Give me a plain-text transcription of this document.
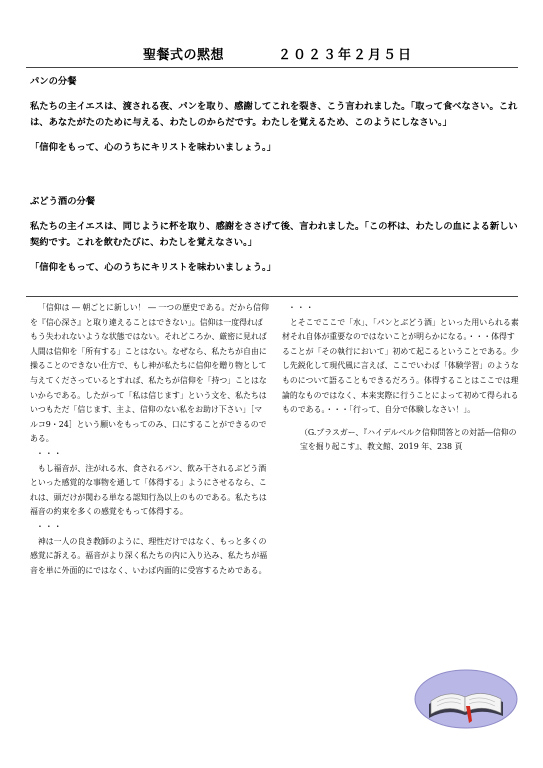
聖餐式の黙想	２０２３年２月５日

パンの分餐

私たちの主イエスは、渡される夜、パンを取り、感謝してこれを裂き、こう言われました。「取って食べなさい。これは、あなたがたのために与える、わたしのからだです。わたしを覚えるため、このようにしなさい。」

「信仰をもって、心のうちにキリストを味わいましょう。」

ぶどう酒の分餐

私たちの主イエスは、同じように杯を取り、感謝をささげて後、言われました。「この杯は、わたしの血による新しい契約です。これを飲むたびに、わたしを覚えなさい。」

「信仰をもって、心のうちにキリストを味わいましょう。」

「信仰は ― 朝ごとに新しい！ ― 一つの歴史である。だから信仰を『信心深さ』と取り違えることはできない」。信仰は一度得ればもう失われないような状態ではない。それどころか、厳密に見れば人間は信仰を「所有する」ことはない。なぜなら、私たちが自由に操ることのできない仕方で、もし神が私たちに信仰を贈り物として与えてくださっているとすれば、私たちが信仰を「持つ」ことはないからである。したがって「私は信じます」という文を、私たちはいつもただ「信じます、主よ、信仰のない私をお助け下さい」［マルコ9・24］という願いをもってのみ、口にすることができるのである。

・・・

もし福音が、注がれる水、食されるパン、飲み干されるぶどう酒といった感覚的な事物を通して「体得する」ようにさせるなら、これは、頭だけが関わる単なる認知行為以上のものである。私たちは福音の約束を多くの感覚をもって体得する。

・・・

神は一人の良き教師のように、理性だけではなく、もっと多くの感覚に訴える。福音がより深く私たちの内に入り込み、私たちが福音を単に外面的にではなく、いわば内面的に受容するためである。

・・・

とそこでここで「水」、「パンとぶどう酒」といった用いられる素材それ自体が重要なのではないことが明らかになる。・・・体得することが「その執行において」初めて起こるということである。少し先鋭化して現代風に言えば、ここでいわば「体験学習」のようなものについて語ることもできるだろう。体得することはここでは理論的なものではなく、本来実際に行うことによって初めて得られるものである。・・・「行って、自分で体験しなさい！」。

（G.プラスガー、『ハイデルベルク信仰問答との対話―信仰の宝を掘り起こす』、教文館、2019 年、238 頁
